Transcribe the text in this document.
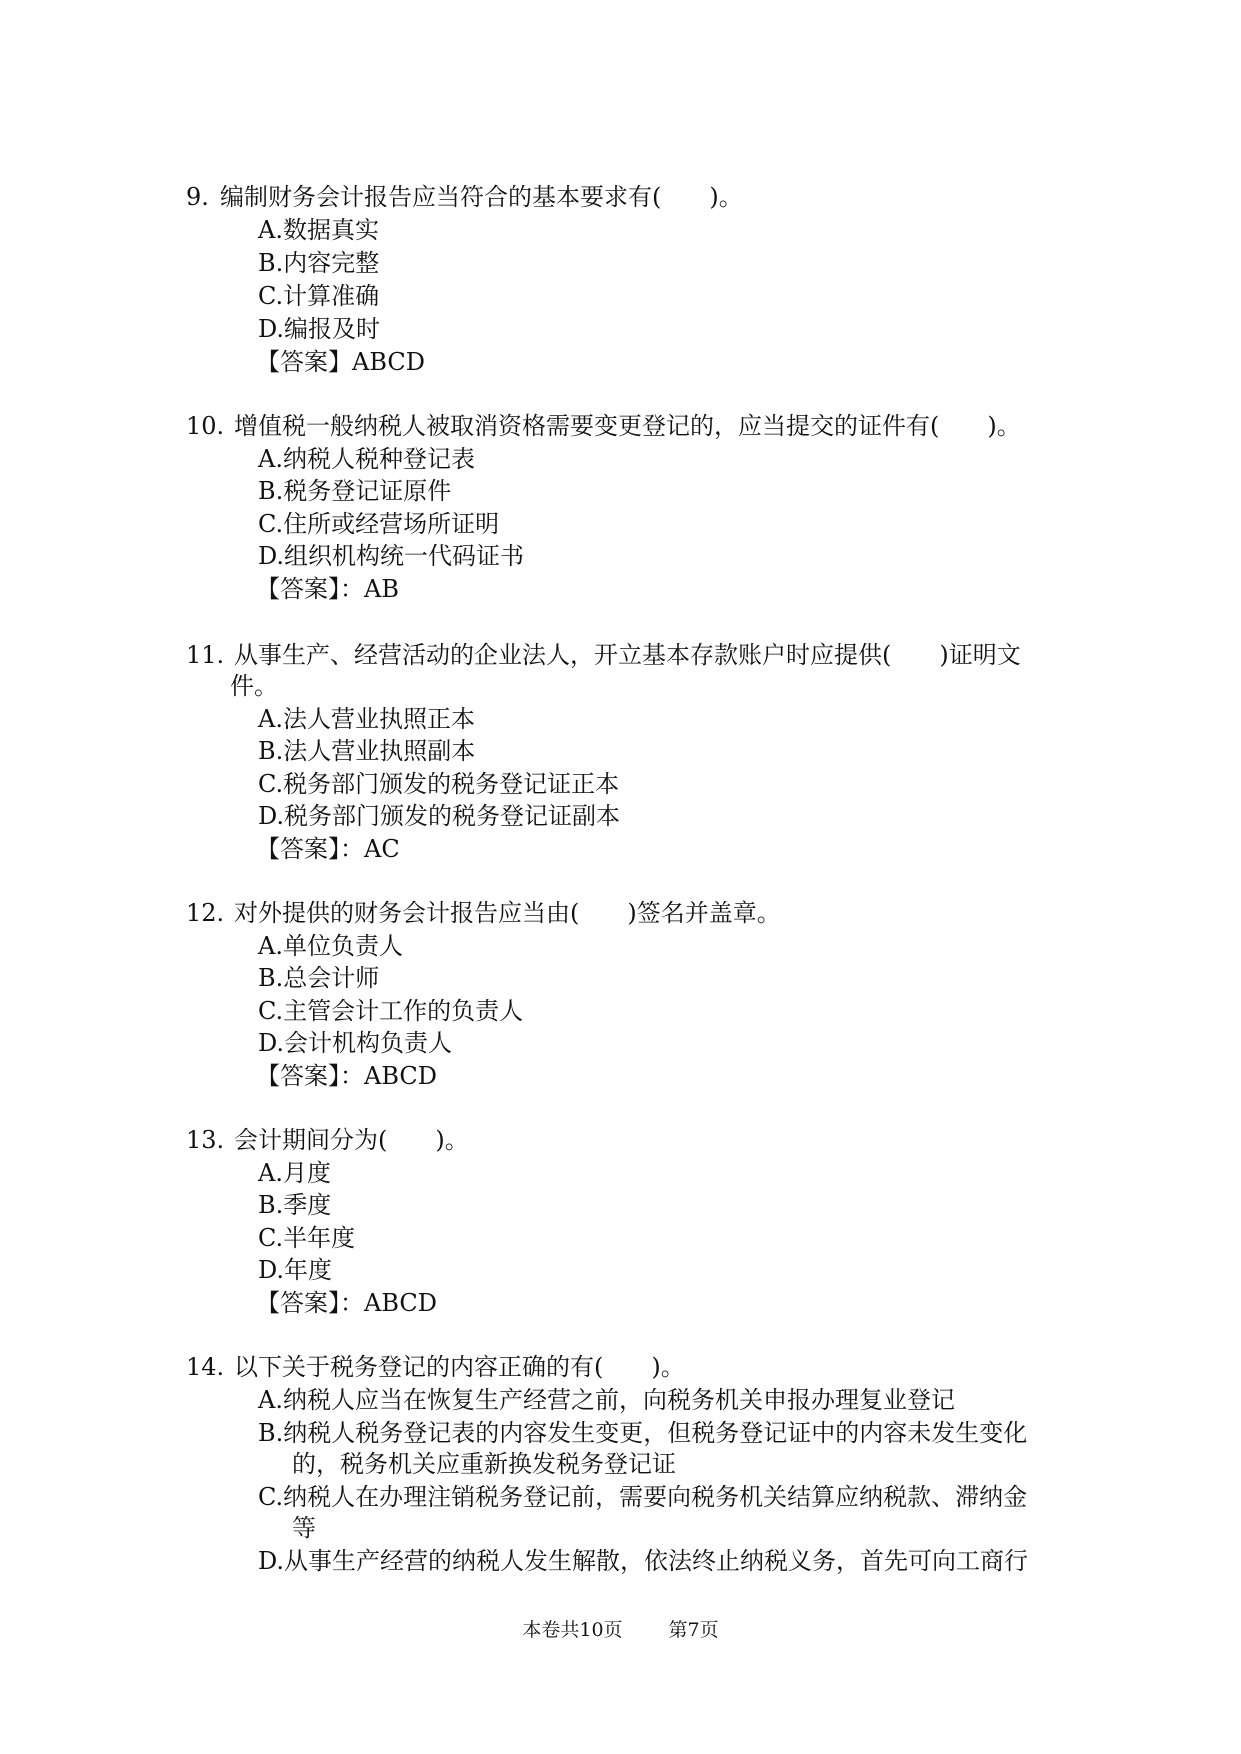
9. 编制财务会计报告应当符合的基本要求有(　　)。
A.数据真实
B.内容完整
C.计算准确
D.编报及时
【答案】ABCD
10. 增值税一般纳税人被取消资格需要变更登记的，应当提交的证件有(　　)。
A.纳税人税种登记表
B.税务登记证原件
C.住所或经营场所证明
D.组织机构统一代码证书
【答案】：AB
11. 从事生产、经营活动的企业法人，开立基本存款账户时应提供(　　)证明文
件。
A.法人营业执照正本
B.法人营业执照副本
C.税务部门颁发的税务登记证正本
D.税务部门颁发的税务登记证副本
【答案】：AC
12. 对外提供的财务会计报告应当由(　　)签名并盖章。
A.单位负责人
B.总会计师
C.主管会计工作的负责人
D.会计机构负责人
【答案】：ABCD
13. 会计期间分为(　　)。
A.月度
B.季度
C.半年度
D.年度
【答案】：ABCD
14. 以下关于税务登记的内容正确的有(　　)。
A.纳税人应当在恢复生产经营之前，向税务机关申报办理复业登记
B.纳税人税务登记表的内容发生变更，但税务登记证中的内容未发生变化
的，税务机关应重新换发税务登记证
C.纳税人在办理注销税务登记前，需要向税务机关结算应纳税款、滞纳金
等
D.从事生产经营的纳税人发生解散，依法终止纳税义务，首先可向工商行
本卷共10页 第7页
